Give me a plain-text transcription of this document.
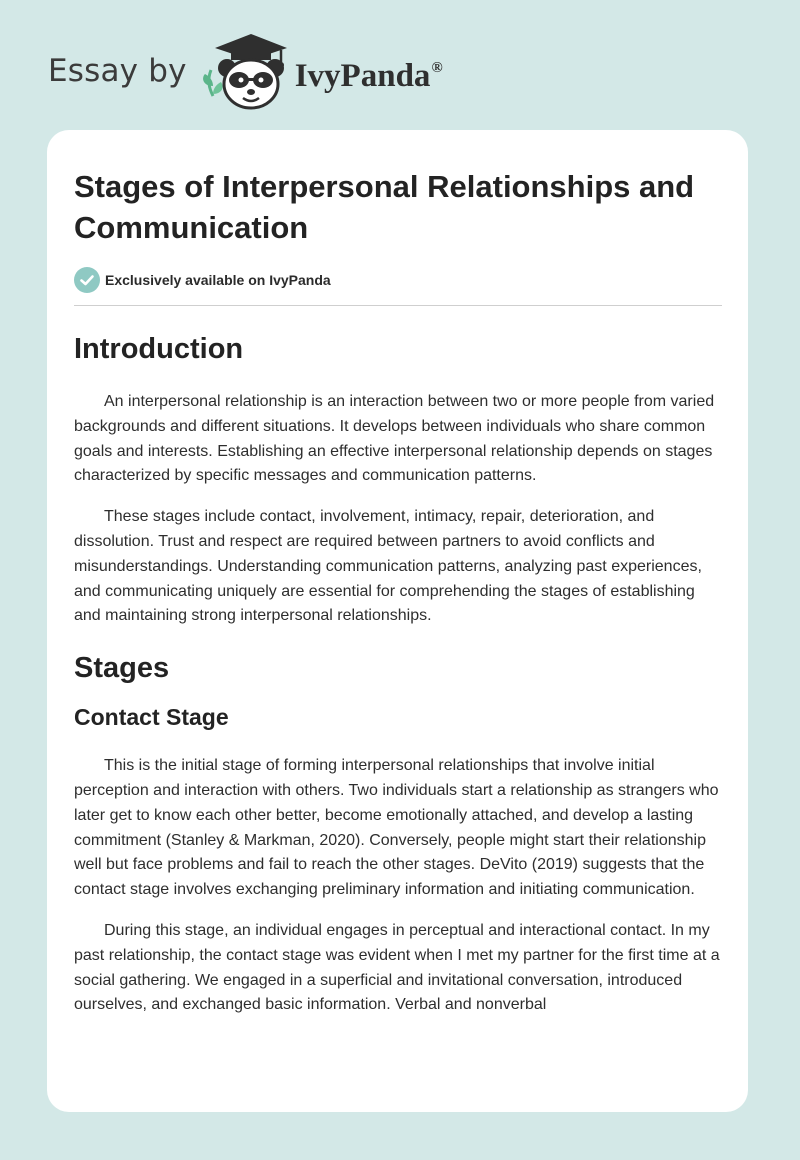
Essay by	IvyPanda®
Stages of Interpersonal Relationships and Communication
Exclusively available on IvyPanda
Introduction

An interpersonal relationship is an interaction between two or more people from varied backgrounds and different situations. It develops between individuals who share common goals and interests. Establishing an effective interpersonal relationship depends on stages characterized by specific messages and communication patterns.

These stages include contact, involvement, intimacy, repair, deterioration, and dissolution. Trust and respect are required between partners to avoid conflicts and misunderstandings. Understanding communication patterns, analyzing past experiences, and communicating uniquely are essential for comprehending the stages of establishing and maintaining strong interpersonal relationships.

Stages
Contact Stage

This is the initial stage of forming interpersonal relationships that involve initial perception and interaction with others. Two individuals start a relationship as strangers who later get to know each other better, become emotionally attached, and develop a lasting commitment (Stanley & Markman, 2020). Conversely, people might start their relationship well but face problems and fail to reach the other stages. DeVito (2019) suggests that the contact stage involves exchanging preliminary information and initiating communication.

During this stage, an individual engages in perceptual and interactional contact. In my past relationship, the contact stage was evident when I met my partner for the first time at a social gathering. We engaged in a superficial and invitational conversation, introduced ourselves, and exchanged basic information. Verbal and nonverbal
